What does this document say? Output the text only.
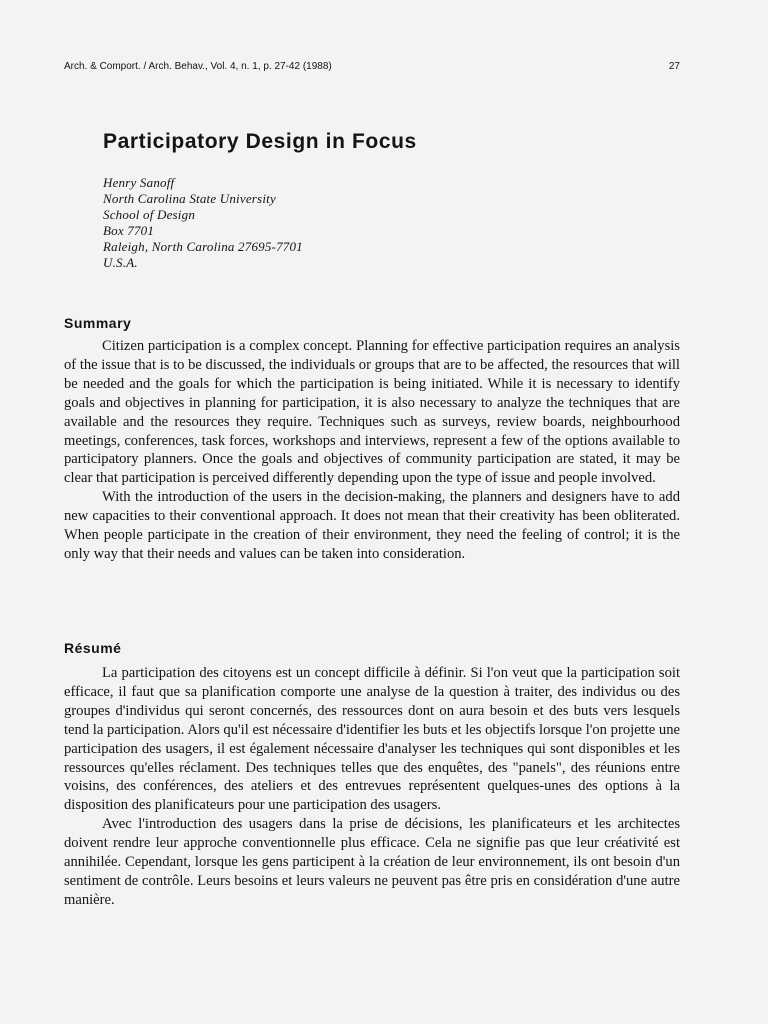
Arch. & Comport. / Arch. Behav., Vol. 4, n. 1, p. 27-42 (1988)	27
Participatory Design in Focus
Henry Sanoff
North Carolina State University
School of Design
Box 7701
Raleigh, North Carolina 27695-7701
U.S.A.
Summary

Citizen participation is a complex concept. Planning for effective participation requires an analysis of the issue that is to be discussed, the individuals or groups that are to be affected, the resources that will be needed and the goals for which the participation is being initiated. While it is necessary to identify goals and objectives in planning for participation, it is also necessary to analyze the techniques that are available and the resources they require. Techniques such as surveys, review boards, neighbourhood meetings, conferences, task forces, workshops and interviews, represent a few of the options available to participatory planners. Once the goals and objectives of community participation are stated, it may be clear that participation is perceived differently depending upon the type of issue and people involved.

With the introduction of the users in the decision-making, the planners and designers have to add new capacities to their conventional approach. It does not mean that their creativity has been obliterated. When people participate in the creation of their environment, they need the feeling of control; it is the only way that their needs and values can be taken into consideration.

Résumé

La participation des citoyens est un concept difficile à définir. Si l'on veut que la participation soit efficace, il faut que sa planification comporte une analyse de la question à traiter, des individus ou des groupes d'individus qui seront concernés, des ressources dont on aura besoin et des buts vers lesquels tend la participation. Alors qu'il est nécessaire d'identifier les buts et les objectifs lorsque l'on projette une participation des usagers, il est également nécessaire d'analyser les techniques qui sont disponibles et les ressources qu'elles réclament. Des techniques telles que des enquêtes, des "panels", des réunions entre voisins, des conférences, des ateliers et des entrevues représentent quelques-unes des options à la disposition des planificateurs pour une participation des usagers.

Avec l'introduction des usagers dans la prise de décisions, les planificateurs et les architectes doivent rendre leur approche conventionnelle plus efficace. Cela ne signifie pas que leur créativité est annihilée. Cependant, lorsque les gens participent à la création de leur environnement, ils ont besoin d'un sentiment de contrôle. Leurs besoins et leurs valeurs ne peuvent pas être pris en considération d'une autre manière.
